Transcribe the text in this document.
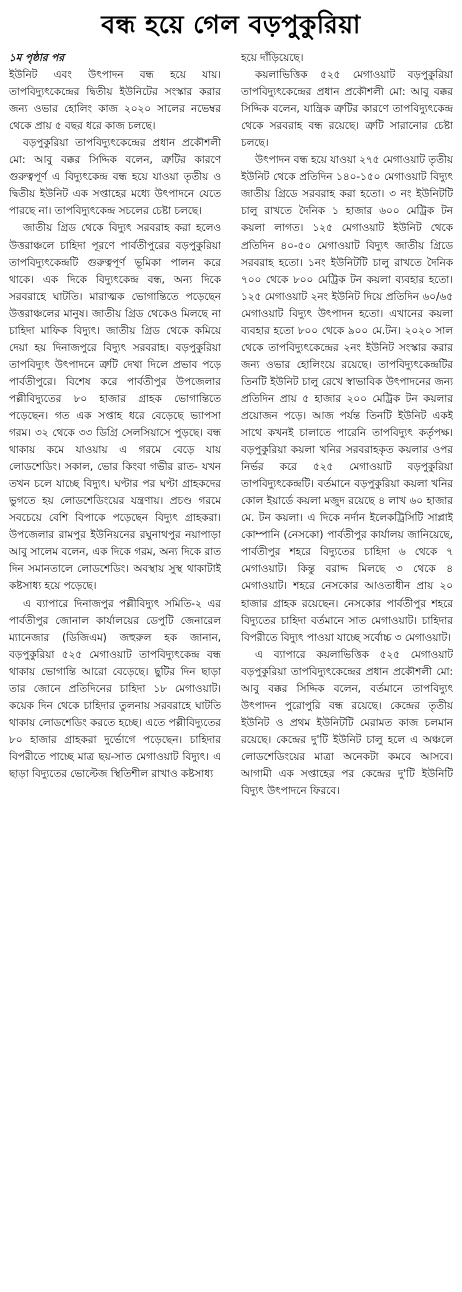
বন্ধ হয়ে গেল বড়পুকুরিয়া
১ম পৃষ্ঠার পর

ইউনিট এবং উৎপাদন বন্ধ হয়ে যায়। তাপবিদ্যুৎকেন্দ্রের দ্বিতীয় ইউনিটের সংস্কার করার জন্য ওভার হোলিং কাজ ২০২০ সালের নভেম্বর থেকে প্রায় ৫ বছর ধরে কাজ চলছে।

বড়পুকুরিয়া তাপবিদ্যুৎকেন্দ্রের প্রধান প্রকৌশলী মো: আবু বক্কর সিদ্দিক বলেন, ত্রুটির কারণে গুরুত্বপূর্ণ এ বিদ্যুৎকেন্দ্র বন্ধ হয়ে যাওয়া তৃতীয় ও দ্বিতীয় ইউনিট এক সপ্তাহের মধ্যে উৎপাদনে যেতে পারছে না। তাপবিদ্যুৎকেন্দ্র সচলের চেষ্টা চলছে।

জাতীয় গ্রিড থেকে বিদ্যুৎ সরবরাহ করা হলেও উত্তরাঞ্চলে চাহিদা পূরণে পার্বতীপুরের বড়পুকুরিয়া তাপবিদ্যুৎকেন্দ্রটি গুরুত্বপূর্ণ ভূমিকা পালন করে থাকে। এক দিকে বিদ্যুৎকেন্দ্র বন্ধ, অন্য দিকে সরবরাহে ঘাটতি। মারাত্মক ভোগান্তিতে পড়েছেন উত্তরাঞ্চলের মানুষ। জাতীয় গ্রিড থেকেও মিলছে না চাহিদা মাফিক বিদ্যুৎ। জাতীয় গ্রিড থেকে কমিয়ে দেয়া হয় দিনাজপুরে বিদ্যুৎ সরবরাহ। বড়পুকুরিয়া তাপবিদ্যুৎ উৎপাদনে ত্রুটি দেখা দিলে প্রভাব পড়ে পার্বতীপুরে। বিশেষ করে পার্বতীপুর উপজেলার পল্লীবিদ্যুতের ৮০ হাজার গ্রাহক ভোগান্তিতে পড়েছেন। গত এক সপ্তাহ ধরে বেড়েছে ভ্যাপসা গরম। ৩২ থেকে ৩৩ ডিগ্রি সেলসিয়াসে পুড়ছে। বন্ধ থাকায় কমে যাওয়ায় এ গরমে বেড়ে যায় লোডশেডিং। সকাল, ভোর কিংবা গভীর রাত- যখন তখন চলে যাচ্ছে বিদ্যুৎ। ঘণ্টার পর ঘণ্টা গ্রাহকদের ভুগতে হয় লোডশেডিংয়ের যন্ত্রণায়। প্রচণ্ড গরমে সবচেয়ে বেশি বিপাকে পড়েছেন বিদ্যুৎ গ্রাহকরা। উপজেলার রামপুর ইউনিয়নের রঘুনাথপুর নয়াপাড়া আবু সালেম বলেন, এক দিকে গরম, অন্য দিকে রাত দিন সমানতালে লোডশেডিং। অবস্থায় সুস্থ থাকাটাই কষ্টসাধ্য হয়ে পড়েছে।

এ ব্যাপারে দিনাজপুর পল্লীবিদ্যুৎ সমিতি-২ এর পার্বতীপুর জোনাল কার্যালয়ের ডেপুটি জেনারেল ম্যানেজার (ডিজিএম) জহুরুল হক জানান, বড়পুকুরিয়া ৫২৫ মেগাওয়াট তাপবিদ্যুৎকেন্দ্র বন্ধ থাকায় ভোগান্তি আরো বেড়েছে। ছুটির দিন ছাড়া তার জোনে প্রতিদিনের চাহিদা ১৮ মেগাওয়াট। কয়েক দিন থেকে চাহিদার তুলনায় সরবরাহে ঘাটতি থাকায় লোডশেডিং করতে হচ্ছে। এতে পল্লীবিদ্যুতের ৮০ হাজার গ্রাহকরা দুর্ভোগে পড়েছেন। চাহিদার বিপরীতে পাচ্ছে মাত্র ছয়-সাত মেগাওয়াট বিদ্যুৎ। এ ছাড়া বিদ্যুতের ভোল্টেজ স্থিতিশীল রাখাও কষ্টসাধ্য

হয়ে দাঁড়িয়েছে।

কয়লাভিত্তিক ৫২৫ মেগাওয়াট বড়পুকুরিয়া তাপবিদ্যুৎকেন্দ্রের প্রধান প্রকৌশলী মো: আবু বক্কর সিদ্দিক বলেন, যান্ত্রিক ত্রুটির কারণে তাপবিদ্যুৎকেন্দ্র থেকে সরবরাহ বন্ধ রয়েছে। ত্রুটি সারানোর চেষ্টা চলছে।

উৎপাদন বন্ধ হয়ে যাওয়া ২৭৫ মেগাওয়াট তৃতীয় ইউনিট থেকে প্রতিদিন ১৪০-১৫০ মেগাওয়াট বিদ্যুৎ জাতীয় গ্রিডে সরবরাহ করা হতো। ৩ নং ইউনিটটি চালু রাখতে দৈনিক ১ হাজার ৬০০ মেট্রিক টন কয়লা লাগত। ১২৫ মেগাওয়াট ইউনিট থেকে প্রতিদিন ৪০-৫০ মেগাওয়াট বিদ্যুৎ জাতীয় গ্রিডে সরবরাহ হতো। ১নং ইউনিটটি চালু রাখতে দৈনিক ৭০০ থেকে ৮০০ মেট্রিক টন কয়লা ব্যবহার হতো। ১২৫ মেগাওয়াট ২নং ইউনিট দিয়ে প্রতিদিন ৬০/৬৫ মেগাওয়াট বিদ্যুৎ উৎপাদন হতো। এখানের কয়লা ব্যবহার হতো ৮০০ থেকে ৯০০ মে.টন। ২০২০ সাল থেকে তাপবিদ্যুৎকেন্দ্রের ২নং ইউনিট সংস্কার করার জন্য ওভার হোলিংয়ে রয়েছে। তাপবিদ্যুৎকেন্দ্রটির তিনটি ইউনিট চালু রেখে স্বাভাবিক উৎপাদনের জন্য প্রতিদিন প্রায় ৫ হাজার ২০০ মেট্রিক টন কয়লার প্রয়োজন পড়ে। আজ পর্যন্ত তিনটি ইউনিট একই সাথে কখনই চালাতে পারেনি তাপবিদ্যুৎ কর্তৃপক্ষ। বড়পুকুরিয়া কয়লা খনির সরবরাহকৃত কয়লার ওপর নির্ভর করে ৫২৫ মেগাওয়াট বড়পুকুরিয়া তাপবিদ্যুৎকেন্দ্রটি। বর্তমানে বড়পুকুরিয়া কয়লা খনির কোল ইয়ার্ডে কয়লা মজুদ রয়েছে ৪ লাখ ৬০ হাজার মে. টন কয়লা। এ দিকে নর্দান ইলেকট্রিসিটি সাপ্লাই কোম্পানি (নেসকো) পার্বতীপুর কার্যালয় জানিয়েছে, পার্বতীপুর শহরে বিদ্যুতের চাহিদা ৬ থেকে ৭ মেগাওয়াট। কিন্তু বরাদ্দ মিলছে ৩ থেকে ৪ মেগাওয়াট। শহরে নেসকোর আওতাধীন প্রায় ২০ হাজার গ্রাহক রয়েছেন। নেসকোর পার্বতীপুর শহরে বিদ্যুতের চাহিদা বর্তমানে সাত মেগাওয়াট। চাহিদার বিপরীতে বিদ্যুৎ পাওয়া যাচ্ছে সর্বোচ্চ ৩ মেগাওয়াট।

এ ব্যাপারে কয়লাভিত্তিক ৫২৫ মেগাওয়াট বড়পুকুরিয়া তাপবিদ্যুৎকেন্দ্রের প্রধান প্রকৌশলী মো: আবু বক্কর সিদ্দিক বলেন, বর্তমানে তাপবিদ্যুৎ উৎপাদন পুরোপুরি বন্ধ রয়েছে। কেন্দ্রের তৃতীয় ইউনিট ও প্রথম ইউনিটটি মেরামত কাজ চলমান রয়েছে। কেন্দ্রের দু'টি ইউনিট চালু হলে এ অঞ্চলে লোডশেডিংয়ের মাত্রা অনেকটা কমবে আসবে। আগামী এক সপ্তাহের পর কেন্দ্রের দু'টি ইউনিটি বিদ্যুৎ উৎপাদনে ফিরবে।
